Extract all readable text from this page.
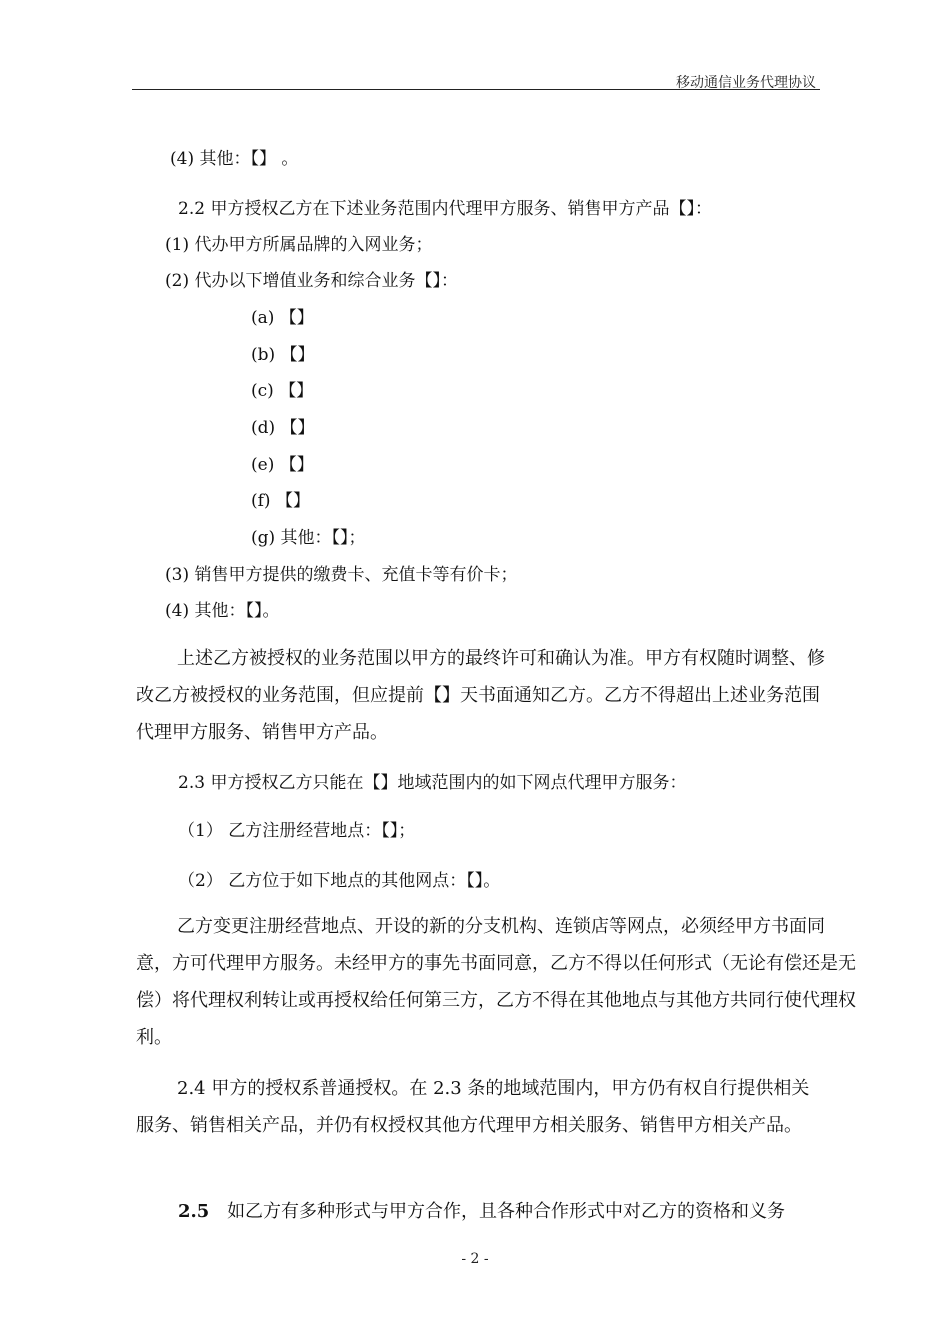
移动通信业务代理协议
(4) 其他：【】 。
2.2 甲方授权乙方在下述业务范围内代理甲方服务、销售甲方产品【】：
(1) 代办甲方所属品牌的入网业务；
(2) 代办以下增值业务和综合业务【】：
(a) 【】
(b) 【】
(c) 【】
(d) 【】
(e) 【】
(f) 【】
(g) 其他：【】；
(3) 销售甲方提供的缴费卡、充值卡等有价卡；
(4) 其他：【】。
上述乙方被授权的业务范围以甲方的最终许可和确认为准。甲方有权随时调整、修改乙方被授权的业务范围，但应提前【】天书面通知乙方。乙方不得超出上述业务范围代理甲方服务、销售甲方产品。
2.3 甲方授权乙方只能在【】地域范围内的如下网点代理甲方服务：
（1） 乙方注册经营地点：【】；
（2） 乙方位于如下地点的其他网点：【】。
乙方变更注册经营地点、开设的新的分支机构、连锁店等网点，必须经甲方书面同意，方可代理甲方服务。未经甲方的事先书面同意，乙方不得以任何形式（无论有偿还是无偿）将代理权利转让或再授权给任何第三方，乙方不得在其他地点与其他方共同行使代理权利。
2.4 甲方的授权系普通授权。在 2.3 条的地域范围内，甲方仍有权自行提供相关服务、销售相关产品，并仍有权授权其他方代理甲方相关服务、销售甲方相关产品。
2.5 如乙方有多种形式与甲方合作，且各种合作形式中对乙方的资格和义务
- 2 -
